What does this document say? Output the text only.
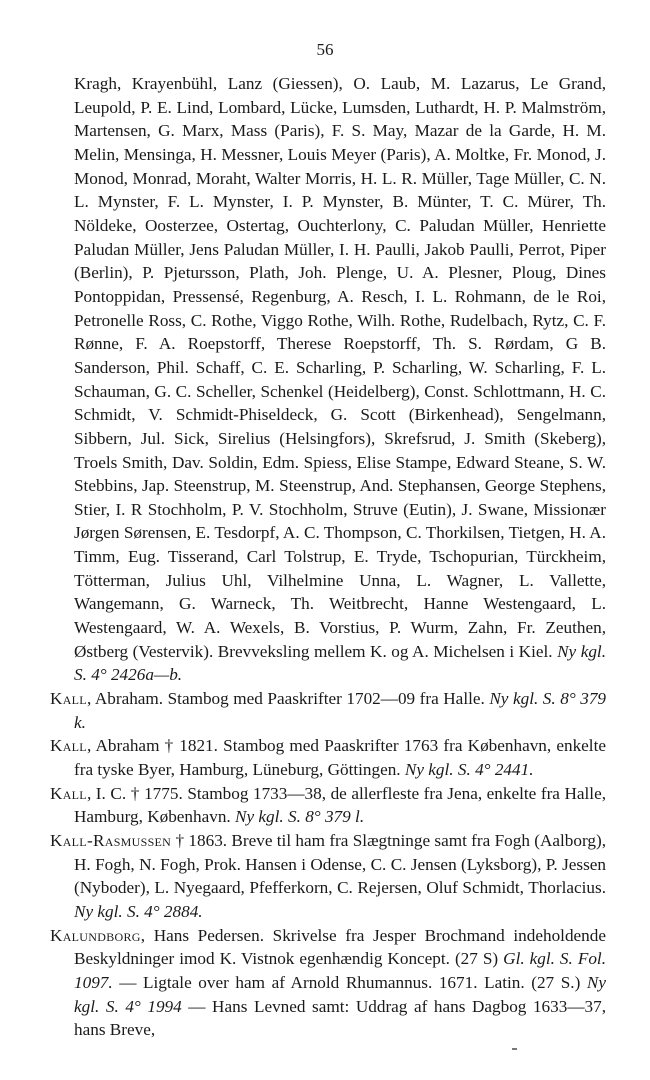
56

Kragh, Krayenbühl, Lanz (Giessen), O. Laub, M. Lazarus, Le Grand, Leupold, P. E. Lind, Lombard, Lücke, Lumsden, Luthardt, H. P. Malmström, Martensen, G. Marx, Mass (Paris), F. S. May, Mazar de la Garde, H. M. Melin, Mensinga, H. Messner, Louis Meyer (Paris), A. Moltke, Fr. Monod, J. Monod, Monrad, Moraht, Walter Morris, H. L. R. Müller, Tage Müller, C. N. L. Mynster, F. L. Mynster, I. P. Mynster, B. Münter, T. C. Mürer, Th. Nöldeke, Oosterzee, Ostertag, Ouchterlony, C. Paludan Müller, Henriette Paludan Müller, Jens Paludan Müller, I. H. Paulli, Jakob Paulli, Perrot, Piper (Berlin), P. Pjetursson, Plath, Joh. Plenge, U. A. Plesner, Ploug, Dines Pontoppidan, Pressensé, Regenburg, A. Resch, I. L. Rohmann, de le Roi, Petronelle Ross, C. Rothe, Viggo Rothe, Wilh. Rothe, Rudelbach, Rytz, C. F. Rønne, F. A. Roepstorff, Therese Roepstorff, Th. S. Rørdam, G B. Sanderson, Phil. Schaff, C. E. Scharling, P. Scharling, W. Scharling, F. L. Schauman, G. C. Scheller, Schenkel (Heidelberg), Const. Schlottmann, H. C. Schmidt, V. Schmidt-Phiseldeck, G. Scott (Birkenhead), Sengelmann, Sibbern, Jul. Sick, Sirelius (Helsingfors), Skrefsrud, J. Smith (Skeberg), Troels Smith, Dav. Soldin, Edm. Spiess, Elise Stampe, Edward Steane, S. W. Stebbins, Jap. Steenstrup, M. Steenstrup, And. Stephansen, George Stephens, Stier, I. R Stochholm, P. V. Stochholm, Struve (Eutin), J. Swane, Missionær Jørgen Sørensen, E. Tesdorpf, A. C. Thompson, C. Thorkilsen, Tietgen, H. A. Timm, Eug. Tisserand, Carl Tolstrup, E. Tryde, Tschopurian, Türckheim, Tötterman, Julius Uhl, Vilhelmine Unna, L. Wagner, L. Vallette, Wangemann, G. Warneck, Th. Weitbrecht, Hanne Westengaard, L. Westengaard, W. A. Wexels, B. Vorstius, P. Wurm, Zahn, Fr. Zeuthen, Østberg (Vestervik). Brevveksling mellem K. og A. Michelsen i Kiel. Ny kgl. S. 4° 2426a—b.

Kall, Abraham. Stambog med Paaskrifter 1702—09 fra Halle. Ny kgl. S. 8° 379 k.

Kall, Abraham † 1821. Stambog med Paaskrifter 1763 fra København, enkelte fra tyske Byer, Hamburg, Lüneburg, Göttingen. Ny kgl. S. 4° 2441.

Kall, I. C. † 1775. Stambog 1733—38, de allerfleste fra Jena, enkelte fra Halle, Hamburg, København. Ny kgl. S. 8° 379 l.

Kall-Rasmussen † 1863. Breve til ham fra Slægtninge samt fra Fogh (Aalborg), H. Fogh, N. Fogh, Prok. Hansen i Odense, C. C. Jensen (Lyksborg), P. Jessen (Nyboder), L. Nyegaard, Pfefferkorn, C. Rejersen, Oluf Schmidt, Thorlacius. Ny kgl. S. 4° 2884.

Kalundborg, Hans Pedersen. Skrivelse fra Jesper Brochmand indeholdende Beskyldninger imod K. Vistnok egenhændig Koncept. (27 S) Gl. kgl. S. Fol. 1097. — Ligtale over ham af Arnold Rhumannus. 1671. Latin. (27 S.) Ny kgl. S. 4° 1994 — Hans Levned samt: Uddrag af hans Dagbog 1633—37, hans Breve,
